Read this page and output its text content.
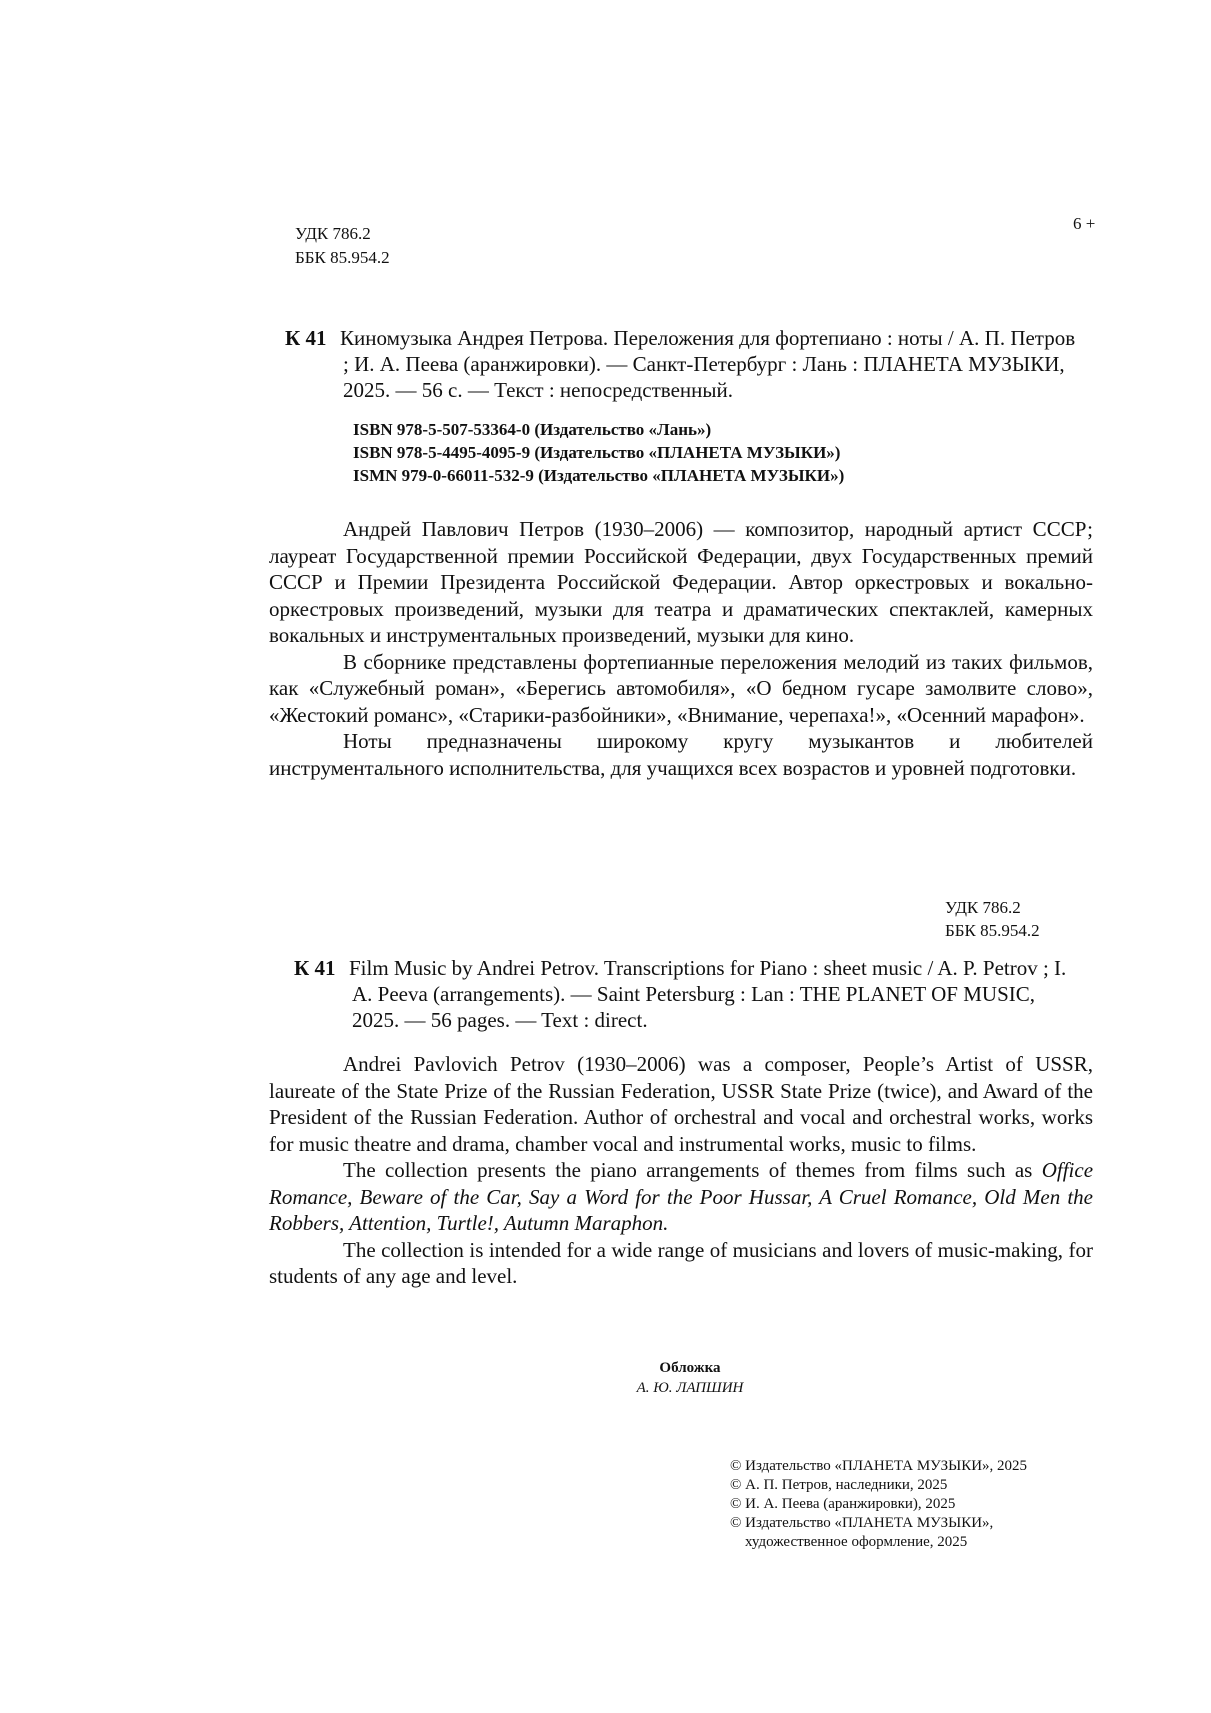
УДК 786.2
ББК 85.954.2
6 +
К 41 Киномузыка Андрея Петрова. Переложения для фортепиано : ноты / А. П. Петров ; И. А. Пеева (аранжировки). — Санкт-Петербург : Лань : ПЛАНЕТА МУЗЫКИ, 2025. — 56 с. — Текст : непосредственный.
ISBN 978-5-507-53364-0 (Издательство «Лань»)
ISBN 978-5-4495-4095-9 (Издательство «ПЛАНЕТА МУЗЫКИ»)
ISMN 979-0-66011-532-9 (Издательство «ПЛАНЕТА МУЗЫКИ»)

Андрей Павлович Петров (1930–2006) — композитор, народный артист СССР; лауреат Государственной премии Российской Федерации, двух Государственных премий СССР и Премии Президента Российской Федерации. Автор оркестровых и вокально-оркестровых произведений, музыки для театра и драматических спектаклей, камерных вокальных и инструментальных произведений, музыки для кино.

В сборнике представлены фортепианные переложения мелодий из таких фильмов, как «Служебный роман», «Берегись автомобиля», «О бедном гусаре замолвите слово», «Жестокий романс», «Старики-разбойники», «Внимание, черепаха!», «Осенний марафон».

Ноты предназначены широкому кругу музыкантов и любителей инструментального исполнительства, для учащихся всех возрастов и уровней подготовки.

УДК 786.2
ББК 85.954.2
К 41 Film Music by Andrei Petrov. Transcriptions for Piano : sheet music / A. P. Petrov ; I. A. Peeva (arrangements). — Saint Petersburg : Lan : THE PLANET OF MUSIC, 2025. — 56 pages. — Text : direct.

Andrei Pavlovich Petrov (1930–2006) was a composer, People’s Artist of USSR, laureate of the State Prize of the Russian Federation, USSR State Prize (twice), and Award of the President of the Russian Federation. Author of orchestral and vocal and orchestral works, works for music theatre and drama, chamber vocal and instrumental works, music to films.

The collection presents the piano arrangements of themes from films such as Office Romance, Beware of the Car, Say a Word for the Poor Hussar, A Cruel Romance, Old Men the Robbers, Attention, Turtle!, Autumn Maraphon.

The collection is intended for a wide range of musicians and lovers of music-making, for students of any age and level.

Обложка
А. Ю. ЛАПШИН
© Издательство «ПЛАНЕТА МУЗЫКИ», 2025
© А. П. Петров, наследники, 2025
© И. А. Пеева (аранжировки), 2025
© Издательство «ПЛАНЕТА МУЗЫКИ»,
художественное оформление, 2025
